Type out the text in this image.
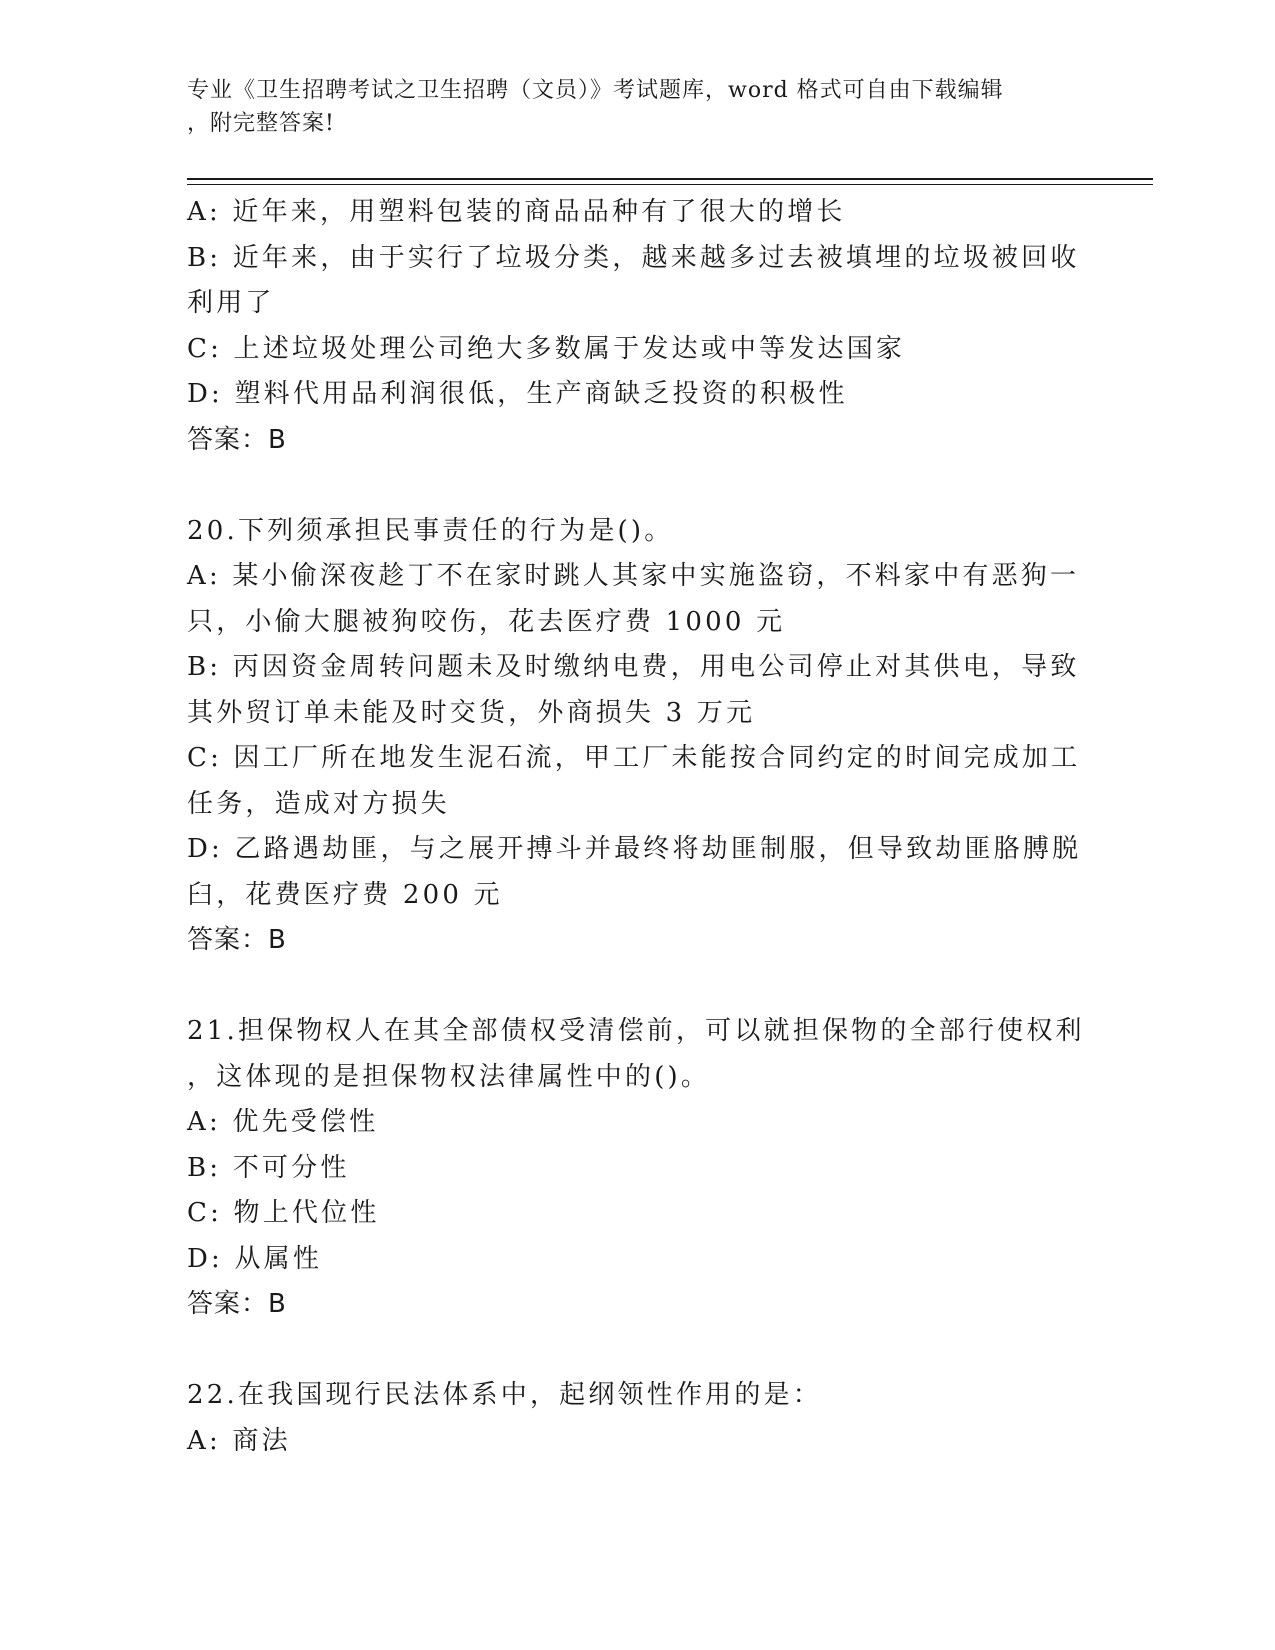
专业《卫生招聘考试之卫生招聘（文员）》考试题库，word 格式可自由下载编辑
，附完整答案!
A: 近年来，用塑料包装的商品品种有了很大的增长
B: 近年来，由于实行了垃圾分类，越来越多过去被填埋的垃圾被回收
利用了
C: 上述垃圾处理公司绝大多数属于发达或中等发达国家
D: 塑料代用品利润很低，生产商缺乏投资的积极性
答案：B
20.下列须承担民事责任的行为是()。
A: 某小偷深夜趁丁不在家时跳人其家中实施盗窃，不料家中有恶狗一
只，小偷大腿被狗咬伤，花去医疗费 1000 元
B: 丙因资金周转问题未及时缴纳电费，用电公司停止对其供电，导致
其外贸订单未能及时交货，外商损失 3 万元
C: 因工厂所在地发生泥石流，甲工厂未能按合同约定的时间完成加工
任务，造成对方损失
D: 乙路遇劫匪，与之展开搏斗并最终将劫匪制服，但导致劫匪胳膊脱
臼，花费医疗费 200 元
答案：B
21.担保物权人在其全部债权受清偿前，可以就担保物的全部行使权利
，这体现的是担保物权法律属性中的()。
A: 优先受偿性
B: 不可分性
C: 物上代位性
D: 从属性
答案：B
22.在我国现行民法体系中，起纲领性作用的是：
A: 商法
